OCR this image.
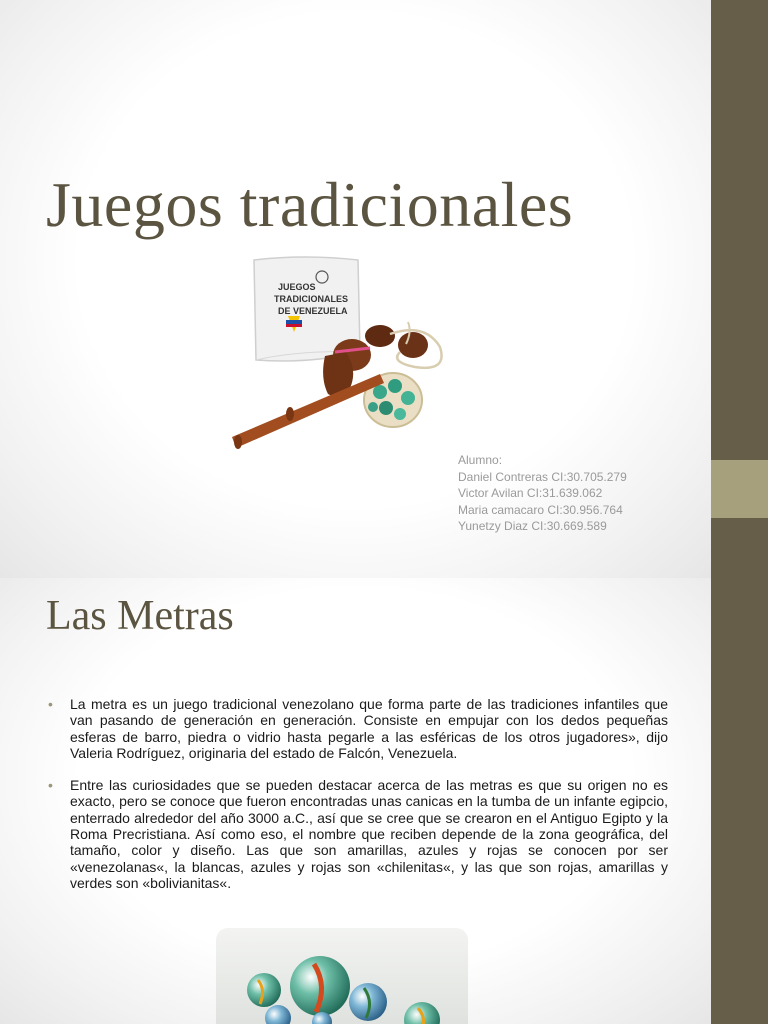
Juegos tradicionales
JUEGOS
TRADICIONALES
DE VENEZUELA
Alumno:
Daniel Contreras CI:30.705.279
Victor Avilan CI:31.639.062
Maria camacaro CI:30.956.764
Yunetzy Diaz CI:30.669.589
Las Metras
• La metra es un juego tradicional venezolano que forma parte de las tradiciones infantiles que van pasando de generación en generación. Consiste en empujar con los dedos pequeñas esferas de barro, piedra o vidrio hasta pegarle a las esféricas de los otros jugadores», dijo Valeria Rodríguez, originaria del estado de Falcón, Venezuela.
• Entre las curiosidades que se pueden destacar acerca de las metras es que su origen no es exacto, pero se conoce que fueron encontradas unas canicas en la tumba de un infante egipcio, enterrado alrededor del año 3000 a.C., así que se cree que se crearon en el Antiguo Egipto y la Roma Precristiana. Así como eso, el nombre que reciben depende de la zona geográfica, del tamaño, color y diseño. Las que son amarillas, azules y rojas se conocen por ser «venezolanas«, la blancas, azules y rojas son «chilenitas«, y las que son rojas, amarillas y verdes son «bolivianitas«.
